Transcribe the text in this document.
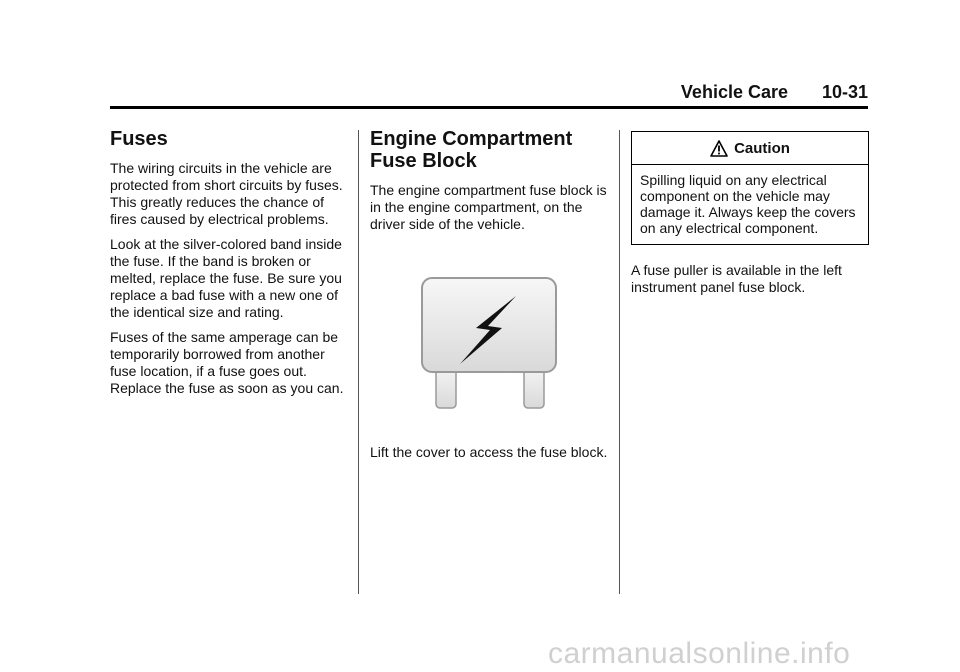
Vehicle Care 10-31
Fuses

The wiring circuits in the vehicle are protected from short circuits by fuses. This greatly reduces the chance of fires caused by electrical problems.

Look at the silver-colored band inside the fuse. If the band is broken or melted, replace the fuse. Be sure you replace a bad fuse with a new one of the identical size and rating.

Fuses of the same amperage can be temporarily borrowed from another fuse location, if a fuse goes out. Replace the fuse as soon as you can.

Engine Compartment
Fuse Block

The engine compartment fuse block is in the engine compartment, on the driver side of the vehicle.

Lift the cover to access the fuse block.
Caution
Spilling liquid on any electrical component on the vehicle may damage it. Always keep the covers on any electrical component.

A fuse puller is available in the left instrument panel fuse block.

carmanualsonline.info
